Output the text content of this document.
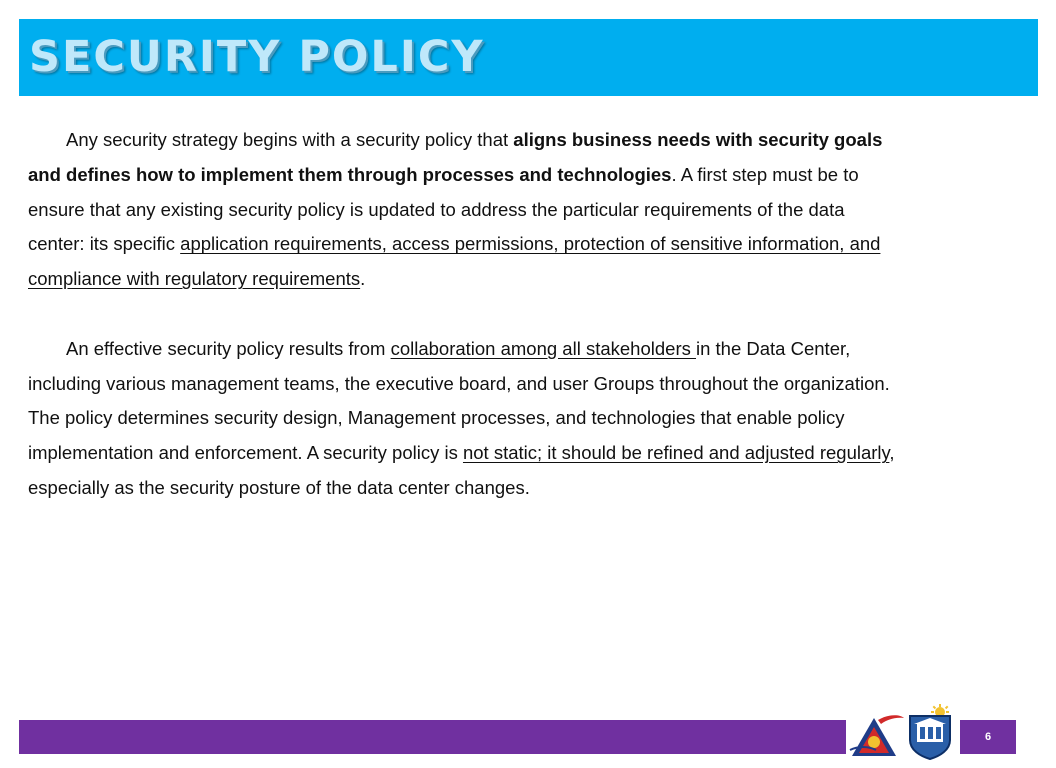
SECURITY POLICY

Any security strategy begins with a security policy that aligns business needs with security goals and defines how to implement them through processes and technologies. A first step must be to ensure that any existing security policy is updated to address the particular requirements of the data center: its specific application requirements, access permissions, protection of sensitive information, and compliance with regulatory requirements.

An effective security policy results from collaboration among all stakeholders in the Data Center, including various management teams, the executive board, and user Groups throughout the organization. The policy determines security design, Management processes, and technologies that enable policy implementation and enforcement. A security policy is not static; it should be refined and adjusted regularly, especially as the security posture of the data center changes.

6
